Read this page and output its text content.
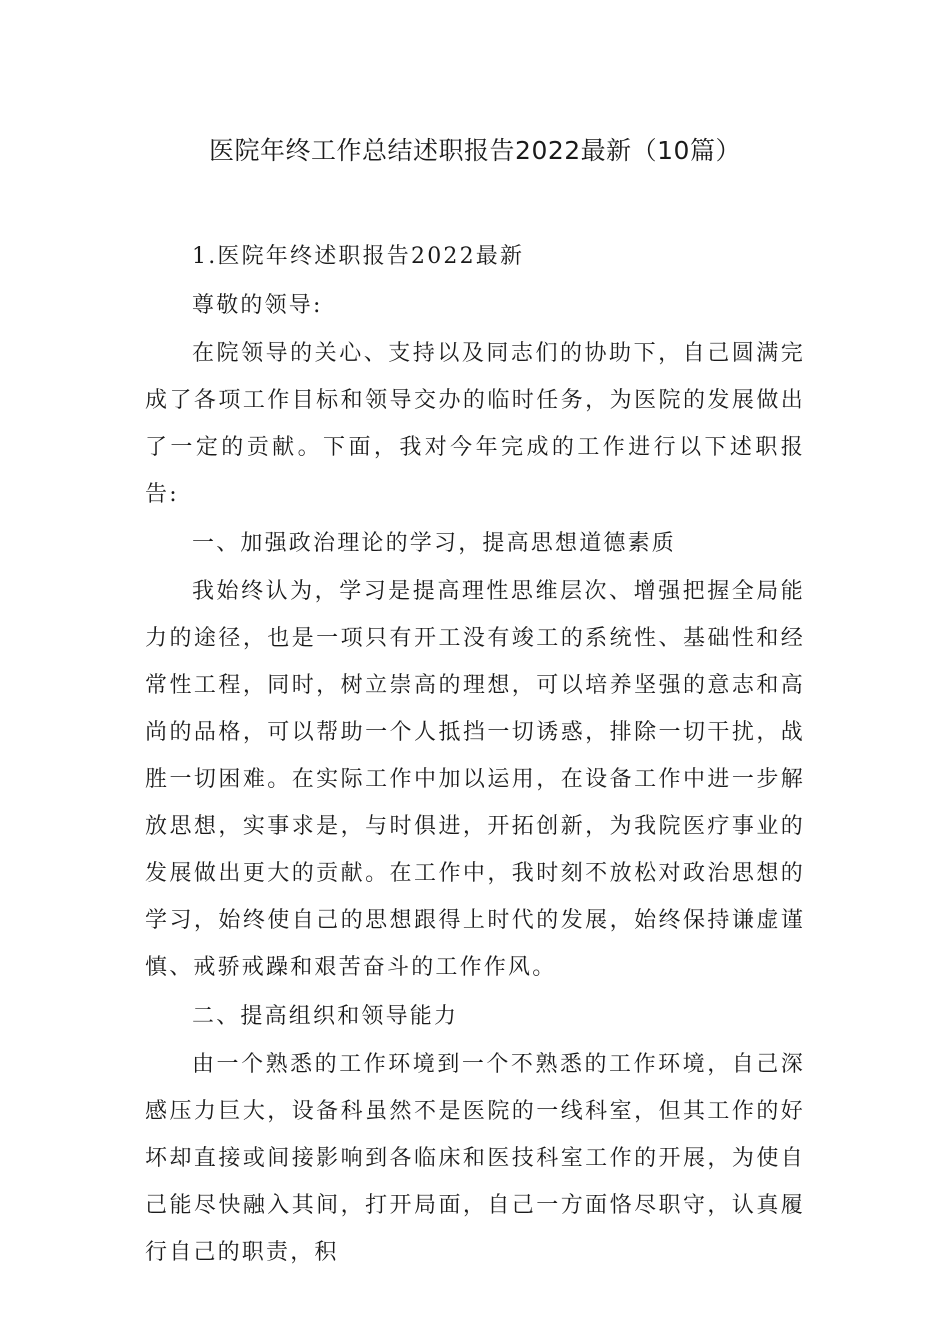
医院年终工作总结述职报告2022最新（10篇）

1.医院年终述职报告2022最新

尊敬的领导:

在院领导的关心、支持以及同志们的协助下，自己圆满完成了各项工作目标和领导交办的临时任务，为医院的发展做出了一定的贡献。下面，我对今年完成的工作进行以下述职报告:

一、加强政治理论的学习，提高思想道德素质

我始终认为，学习是提高理性思维层次、增强把握全局能力的途径，也是一项只有开工没有竣工的系统性、基础性和经常性工程，同时，树立崇高的理想，可以培养坚强的意志和高尚的品格，可以帮助一个人抵挡一切诱惑，排除一切干扰，战胜一切困难。在实际工作中加以运用，在设备工作中进一步解放思想，实事求是，与时俱进，开拓创新，为我院医疗事业的发展做出更大的贡献。在工作中，我时刻不放松对政治思想的学习，始终使自己的思想跟得上时代的发展，始终保持谦虚谨慎、戒骄戒躁和艰苦奋斗的工作作风。

二、提高组织和领导能力

由一个熟悉的工作环境到一个不熟悉的工作环境，自己深感压力巨大，设备科虽然不是医院的一线科室，但其工作的好坏却直接或间接影响到各临床和医技科室工作的开展，为使自己能尽快融入其间，打开局面，自己一方面恪尽职守，认真履行自己的职责，积
